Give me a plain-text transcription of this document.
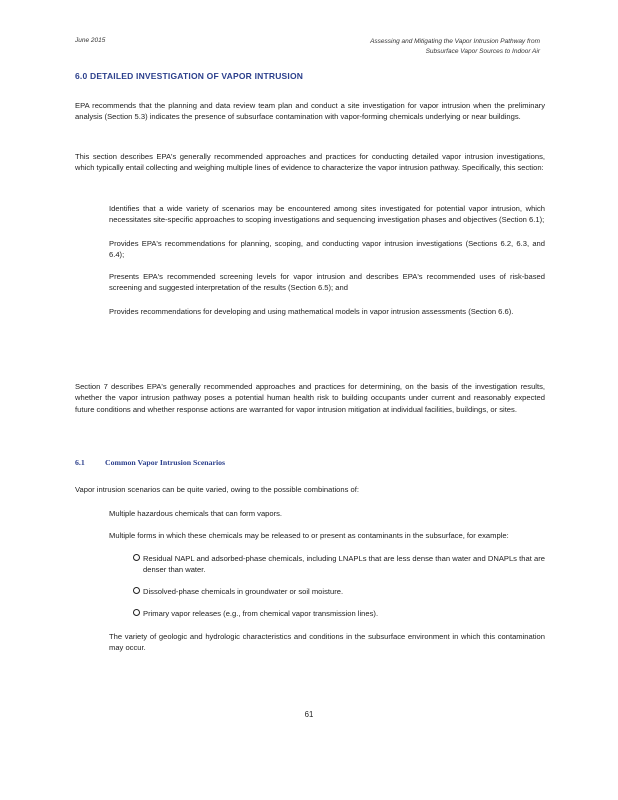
June 2015	Assessing and Mitigating the Vapor Intrusion Pathway from
Subsurface Vapor Sources to Indoor Air
6.0 DETAILED INVESTIGATION OF VAPOR INTRUSION

EPA recommends that the planning and data review team plan and conduct a site investigation for vapor intrusion when the preliminary analysis (Section 5.3) indicates the presence of subsurface contamination with vapor-forming chemicals underlying or near buildings.

This section describes EPA's generally recommended approaches and practices for conducting detailed vapor intrusion investigations, which typically entail collecting and weighing multiple lines of evidence to characterize the vapor intrusion pathway. Specifically, this section:

Identifies that a wide variety of scenarios may be encountered among sites investigated for potential vapor intrusion, which necessitates site-specific approaches to scoping investigations and sequencing investigation phases and objectives (Section 6.1);
Provides EPA's recommendations for planning, scoping, and conducting vapor intrusion investigations (Sections 6.2, 6.3, and 6.4);
Presents EPA's recommended screening levels for vapor intrusion and describes EPA's recommended uses of risk-based screening and suggested interpretation of the results (Section 6.5); and
Provides recommendations for developing and using mathematical models in vapor intrusion assessments (Section 6.6).

Section 7 describes EPA's generally recommended approaches and practices for determining, on the basis of the investigation results, whether the vapor intrusion pathway poses a potential human health risk to building occupants under current and reasonably expected future conditions and whether response actions are warranted for vapor intrusion mitigation at individual facilities, buildings, or sites.

6.1	Common Vapor Intrusion Scenarios

Vapor intrusion scenarios can be quite varied, owing to the possible combinations of:

Multiple hazardous chemicals that can form vapors.
Multiple forms in which these chemicals may be released to or present as contaminants in the subsurface, for example:
Residual NAPL and adsorbed-phase chemicals, including LNAPLs that are less dense than water and DNAPLs that are denser than water.
Dissolved-phase chemicals in groundwater or soil moisture.
Primary vapor releases (e.g., from chemical vapor transmission lines).
The variety of geologic and hydrologic characteristics and conditions in the subsurface environment in which this contamination may occur.
61
